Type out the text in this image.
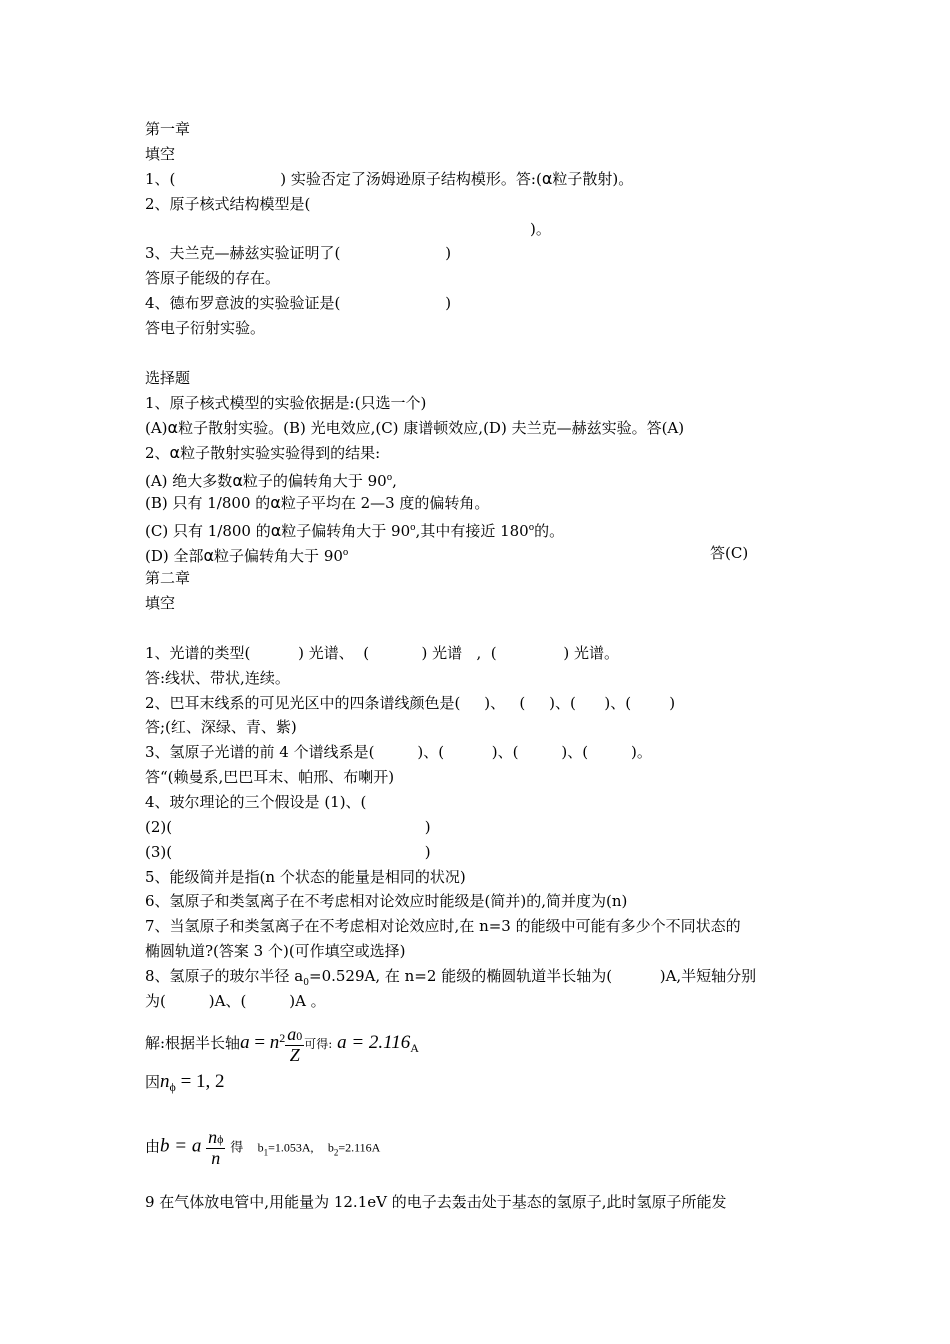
第一章
填空
1、(                      ) 实验否定了汤姆逊原子结构模形。答:(α粒子散射)。
2、原子核式结构模型是(
)。
3、夫兰克—赫兹实验证明了(                      )
答原子能级的存在。
4、德布罗意波的实验验证是(                      )
答电子衍射实验。
选择题
1、原子核式模型的实验依据是:(只选一个)
(A)α粒子散射实验。(B) 光电效应,(C) 康谱顿效应,(D) 夫兰克—赫兹实验。答(A)
2、α粒子散射实验实验得到的结果:
(A) 绝大多数α粒子的偏转角大于 90$^o$,
(B) 只有 1/800 的α粒子平均在 2—3 度的偏转角。
(C) 只有 1/800 的α粒子偏转角大于 90$^o$,其中有接近 180$^o$的。
(D) 全部α粒子偏转角大于 90$^o$	答(C)
第二章
填空
1、光谱的类型(          ) 光谱、  (           ) 光谱   ,  (              ) 光谱。
答:线状、带状,连续。
2、巴耳末线系的可见光区中的四条谱线颜色是(     )、   (     )、(      )、(        )
答;(红、深绿、青、紫)
3、氢原子光谱的前 4 个谱线系是(         )、(          )、(         )、(         )。
答“(赖曼系,巴巴耳末、帕邢、布喇开)
4、玻尔理论的三个假设是 (1)、(
(2)(                                                     )
(3)(                                                     )
5、能级简并是指(n 个状态的能量是相同的状况)
6、氢原子和类氢离子在不考虑相对论效应时能级是(简并)的,简并度为(n)
7、当氢原子和类氢离子在不考虑相对论效应时,在 n=3 的能级中可能有多少个不同状态的
椭圆轨道?(答案 3 个)(可作填空或选择)
8、氢原子的玻尔半径 $a_0=0.529A$, 在 n=2 能级的椭圆轨道半长轴为(          )A,半短轴分别
为(         )A、(         )A 。
解:根据半长轴$a = n^2 \frac{a0}{Z}$ 可得: $a = 2.116_A$
因$n_\phi = 1$, 2
由b = a $\frac{n\phi}{n}$ 得 $b_1=1.053A$, $b_2=2.116A$
9 在气体放电管中,用能量为 12.1eV 的电子去轰击处于基态的氢原子,此时氢原子所能发
